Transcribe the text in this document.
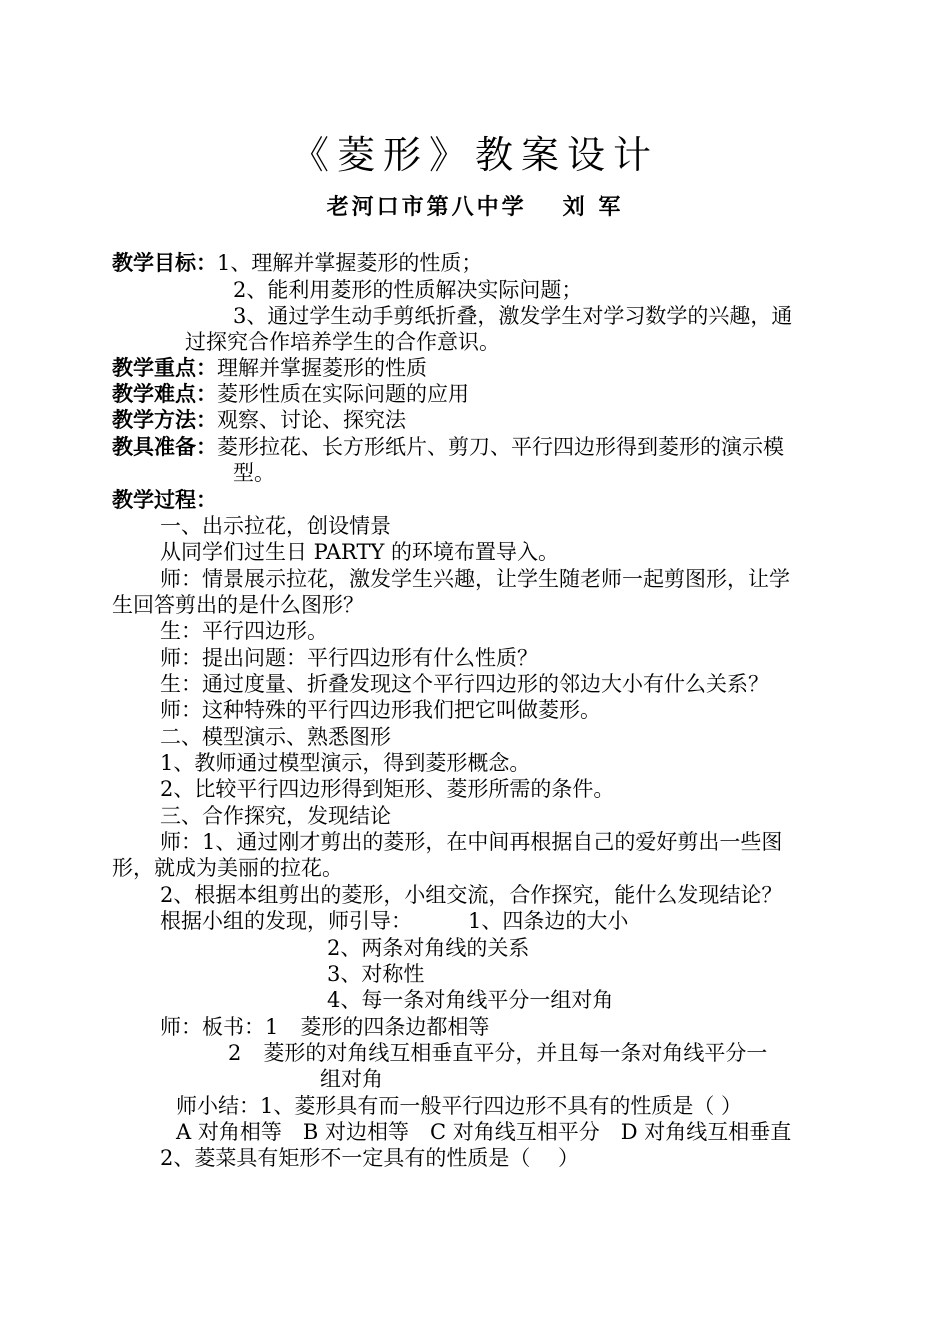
《菱形》教案设计
老河口市第八中学 刘 军
教学目标：1、理解并掌握菱形的性质；
2、能利用菱形的性质解决实际问题；
3、通过学生动手剪纸折叠，激发学生对学习数学的兴趣，通
过探究合作培养学生的合作意识。
教学重点：理解并掌握菱形的性质
教学难点：菱形性质在实际问题的应用
教学方法：观察、讨论、探究法
教具准备：菱形拉花、长方形纸片、剪刀、平行四边形得到菱形的演示模
型。
教学过程：
一、出示拉花，创设情景
从同学们过生日 PARTY 的环境布置导入。
师：情景展示拉花，激发学生兴趣，让学生随老师一起剪图形，让学
生回答剪出的是什么图形？
生：平行四边形。
师：提出问题：平行四边形有什么性质？
生：通过度量、折叠发现这个平行四边形的邻边大小有什么关系？
师：这种特殊的平行四边形我们把它叫做菱形。
二、模型演示、熟悉图形
1、教师通过模型演示，得到菱形概念。
2、比较平行四边形得到矩形、菱形所需的条件。
三、合作探究，发现结论
师：1、通过刚才剪出的菱形，在中间再根据自己的爱好剪出一些图
形，就成为美丽的拉花。
2、根据本组剪出的菱形，小组交流，合作探究，能什么发现结论？
根据小组的发现，师引导：	1、四条边的大小
2、两条对角线的关系
3、对称性
4、每一条对角线平分一组对角
师：板书：1 菱形的四条边都相等
2 菱形的对角线互相垂直平分，并且每一条对角线平分一
组对角
师小结：1、菱形具有而一般平行四边形不具有的性质是（ ）
A 对角相等　B 对边相等　C 对角线互相平分　D 对角线互相垂直
2、菱菜具有矩形不一定具有的性质是（　 ）
